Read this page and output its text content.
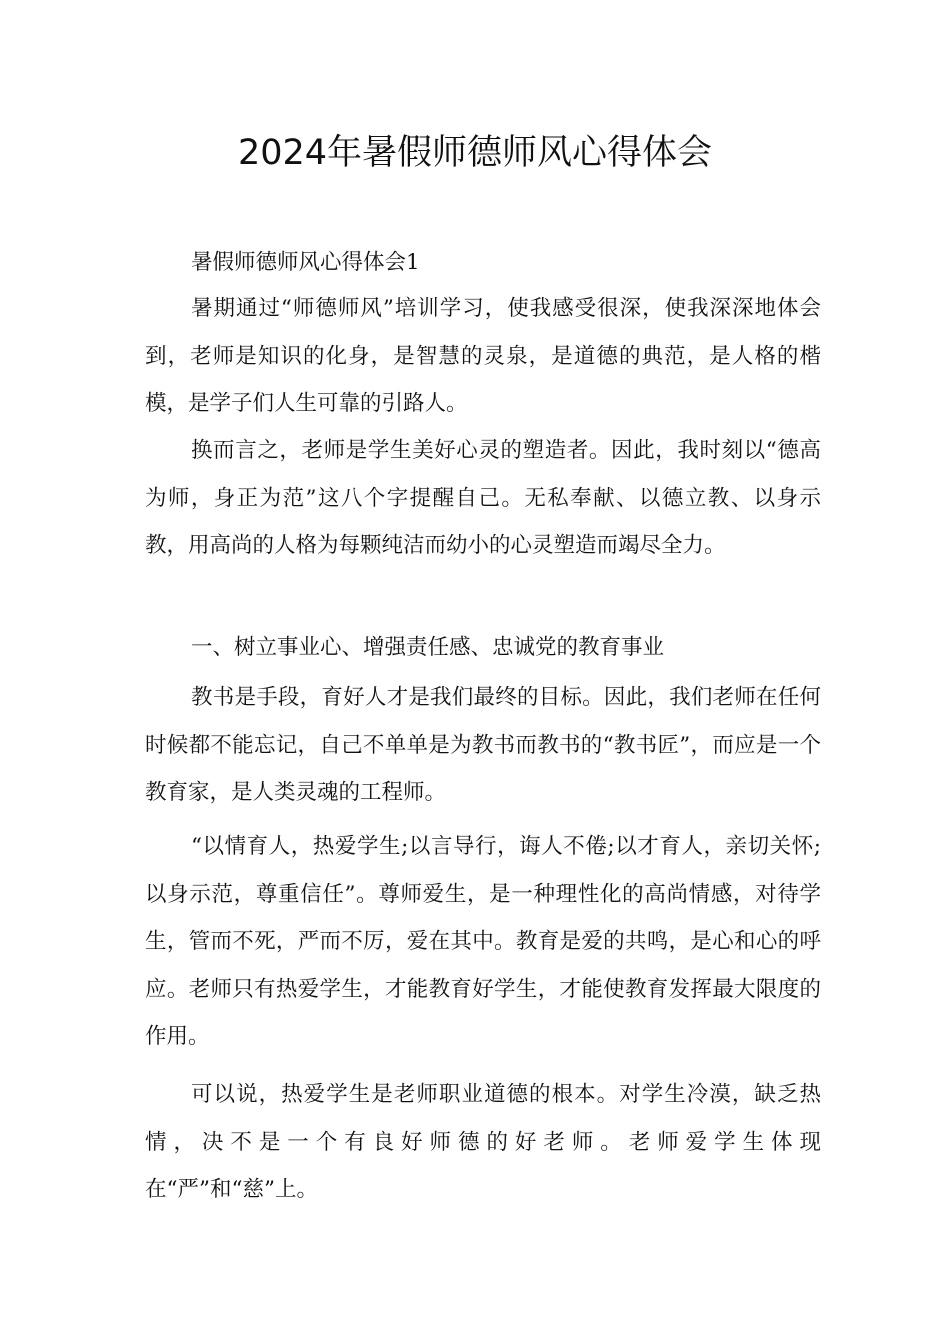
2024年暑假师德师风心得体会

暑假师德师风心得体会1

暑期通过“师德师风”培训学习，使我感受很深，使我深深地体会到，老师是知识的化身，是智慧的灵泉，是道德的典范，是人格的楷模，是学子们人生可靠的引路人。

换而言之，老师是学生美好心灵的塑造者。因此，我时刻以“德高为师，身正为范”这八个字提醒自己。无私奉献、以德立教、以身示教，用高尚的人格为每颗纯洁而幼小的心灵塑造而竭尽全力。

一、树立事业心、增强责任感、忠诚党的教育事业

教书是手段，育好人才是我们最终的目标。因此，我们老师在任何时候都不能忘记，自己不单单是为教书而教书的“教书匠”，而应是一个教育家，是人类灵魂的工程师。

“以情育人，热爱学生;以言导行，诲人不倦;以才育人，亲切关怀;以身示范，尊重信任”。尊师爱生，是一种理性化的高尚情感，对待学生，管而不死，严而不厉，爱在其中。教育是爱的共鸣，是心和心的呼应。老师只有热爱学生，才能教育好学生，才能使教育发挥最大限度的作用。

可以说，热爱学生是老师职业道德的根本。对学生冷漠，缺乏热情，决不是一个有良好师德的好老师。老师爱学生体现在“严”和“慈”上。
